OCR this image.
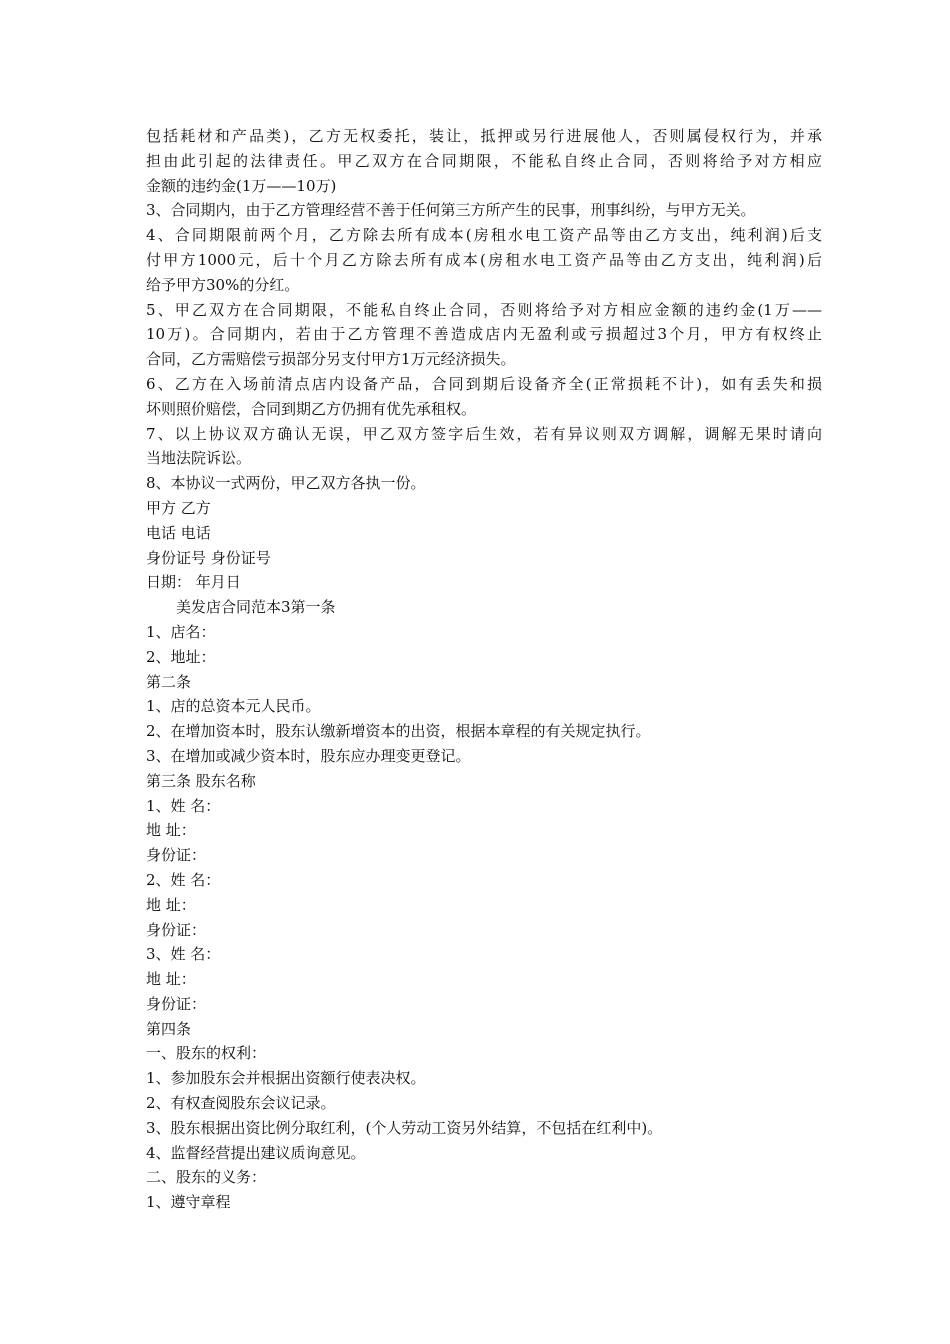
包括耗材和产品类)，乙方无权委托，装让，抵押或另行进展他人，否则属侵权行为，并承
担由此引起的法律责任。甲乙双方在合同期限，不能私自终止合同，否则将给予对方相应
金额的违约金(1万——10万)
3、合同期内，由于乙方管理经营不善于任何第三方所产生的民事，刑事纠纷，与甲方无关。
4、合同期限前两个月，乙方除去所有成本(房租水电工资产品等由乙方支出，纯利润)后支
付甲方1000元，后十个月乙方除去所有成本(房租水电工资产品等由乙方支出，纯利润)后
给予甲方30%的分红。
5、甲乙双方在合同期限，不能私自终止合同，否则将给予对方相应金额的违约金(1万——
10万)。合同期内，若由于乙方管理不善造成店内无盈利或亏损超过3个月，甲方有权终止
合同，乙方需赔偿亏损部分另支付甲方1万元经济损失。
6、乙方在入场前清点店内设备产品，合同到期后设备齐全(正常损耗不计)，如有丢失和损
坏则照价赔偿，合同到期乙方仍拥有优先承租权。
7、以上协议双方确认无误，甲乙双方签字后生效，若有异议则双方调解，调解无果时请向
当地法院诉讼。
8、本协议一式两份，甲乙双方各执一份。
甲方 乙方
电话 电话
身份证号 身份证号
日期： 年月日
美发店合同范本3第一条
1、店名：
2、地址：
第二条
1、店的总资本元人民币。
2、在增加资本时，股东认缴新增资本的出资，根据本章程的有关规定执行。
3、在增加或减少资本时，股东应办理变更登记。
第三条 股东名称
1、姓 名：
地 址：
身份证：
2、姓 名：
地 址：
身份证：
3、姓 名：
地 址：
身份证：
第四条
一、股东的权利：
1、参加股东会并根据出资额行使表决权。
2、有权查阅股东会议记录。
3、股东根据出资比例分取红利，(个人劳动工资另外结算，不包括在红利中)。
4、监督经营提出建议质询意见。
二、股东的义务：
1、遵守章程
